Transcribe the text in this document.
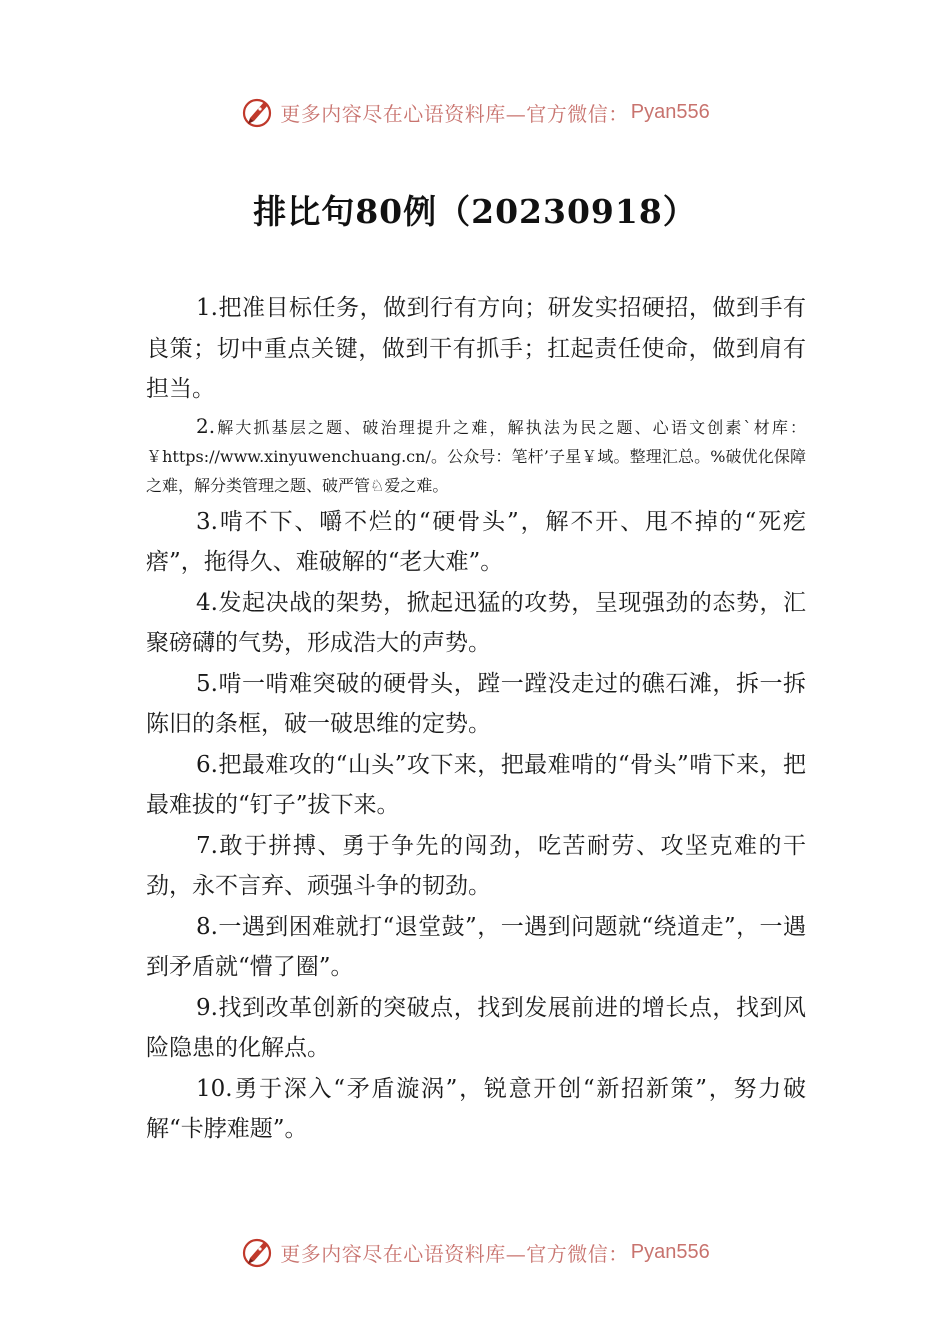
更多内容尽在心语资料库—官方微信： Pyan556
排比句80例（20230918）

1.把准目标任务，做到行有方向；研发实招硬招，做到手有良策；切中重点关键，做到干有抓手；扛起责任使命，做到肩有担当。

2.解大抓基层之题、破治理提升之难，解执法为民之题、心语文创素`材库：￥https://www.xinyuwenchuang.cn/。公众号：笔杆’子星￥域。整理汇总。%破优化保障之难，解分类管理之题、破严管♘爱之难。

3.啃不下、嚼不烂的“硬骨头”，解不开、甩不掉的“死疙瘩”，拖得久、难破解的“老大难”。

4.发起决战的架势，掀起迅猛的攻势，呈现强劲的态势，汇聚磅礴的气势，形成浩大的声势。

5.啃一啃难突破的硬骨头，蹚一蹚没走过的礁石滩，拆一拆陈旧的条框，破一破思维的定势。

6.把最难攻的“山头”攻下来，把最难啃的“骨头”啃下来，把最难拔的“钉子”拔下来。

7.敢于拼搏、勇于争先的闯劲，吃苦耐劳、攻坚克难的干劲，永不言弃、顽强斗争的韧劲。

8.一遇到困难就打“退堂鼓”，一遇到问题就“绕道走”，一遇到矛盾就“懵了圈”。

9.找到改革创新的突破点，找到发展前进的增长点，找到风险隐患的化解点。

10.勇于深入“矛盾漩涡”，锐意开创“新招新策”，努力破解“卡脖难题”。

更多内容尽在心语资料库—官方微信： Pyan556
